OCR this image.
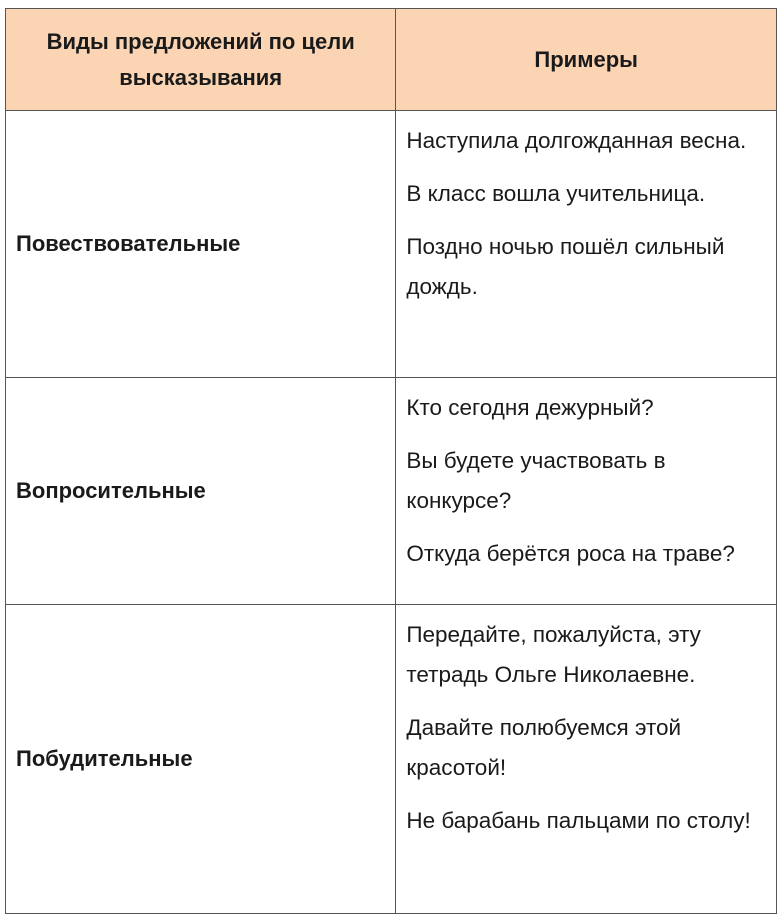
Виды предложений по цели высказывания	Примеры
Повествовательные	Наступила долгожданная весна.

В класс вошла учительница.

Поздно ночью пошёл сильный дождь.

Вопросительные	Кто сегодня дежурный?

Вы будете участвовать в конкурсе?

Откуда берётся роса на траве?

Побудительные	Передайте, пожалуйста, эту тетрадь Ольге Николаевне.

Давайте полюбуемся этой красотой!

Не барабань пальцами по столу!
